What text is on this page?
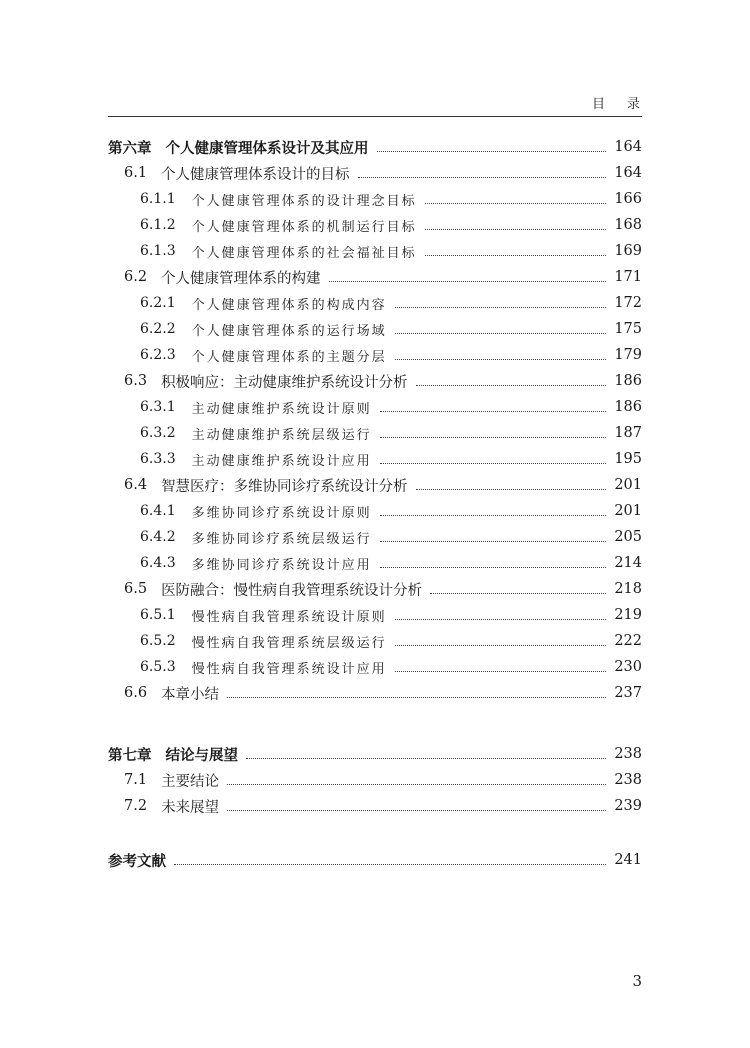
目录
第六章 个人健康管理体系设计及其应用	164
6.1 个人健康管理体系设计的目标	164
6.1.1 个人健康管理体系的设计理念目标	166
6.1.2 个人健康管理体系的机制运行目标	168
6.1.3 个人健康管理体系的社会福祉目标	169
6.2 个人健康管理体系的构建	171
6.2.1 个人健康管理体系的构成内容	172
6.2.2 个人健康管理体系的运行场域	175
6.2.3 个人健康管理体系的主题分层	179
6.3 积极响应：主动健康维护系统设计分析	186
6.3.1 主动健康维护系统设计原则	186
6.3.2 主动健康维护系统层级运行	187
6.3.3 主动健康维护系统设计应用	195
6.4 智慧医疗：多维协同诊疗系统设计分析	201
6.4.1 多维协同诊疗系统设计原则	201
6.4.2 多维协同诊疗系统层级运行	205
6.4.3 多维协同诊疗系统设计应用	214
6.5 医防融合：慢性病自我管理系统设计分析	218
6.5.1 慢性病自我管理系统设计原则	219
6.5.2 慢性病自我管理系统层级运行	222
6.5.3 慢性病自我管理系统设计应用	230
6.6 本章小结	237
第七章 结论与展望	238
7.1 主要结论	238
7.2 未来展望	239
参考文献	241
3
